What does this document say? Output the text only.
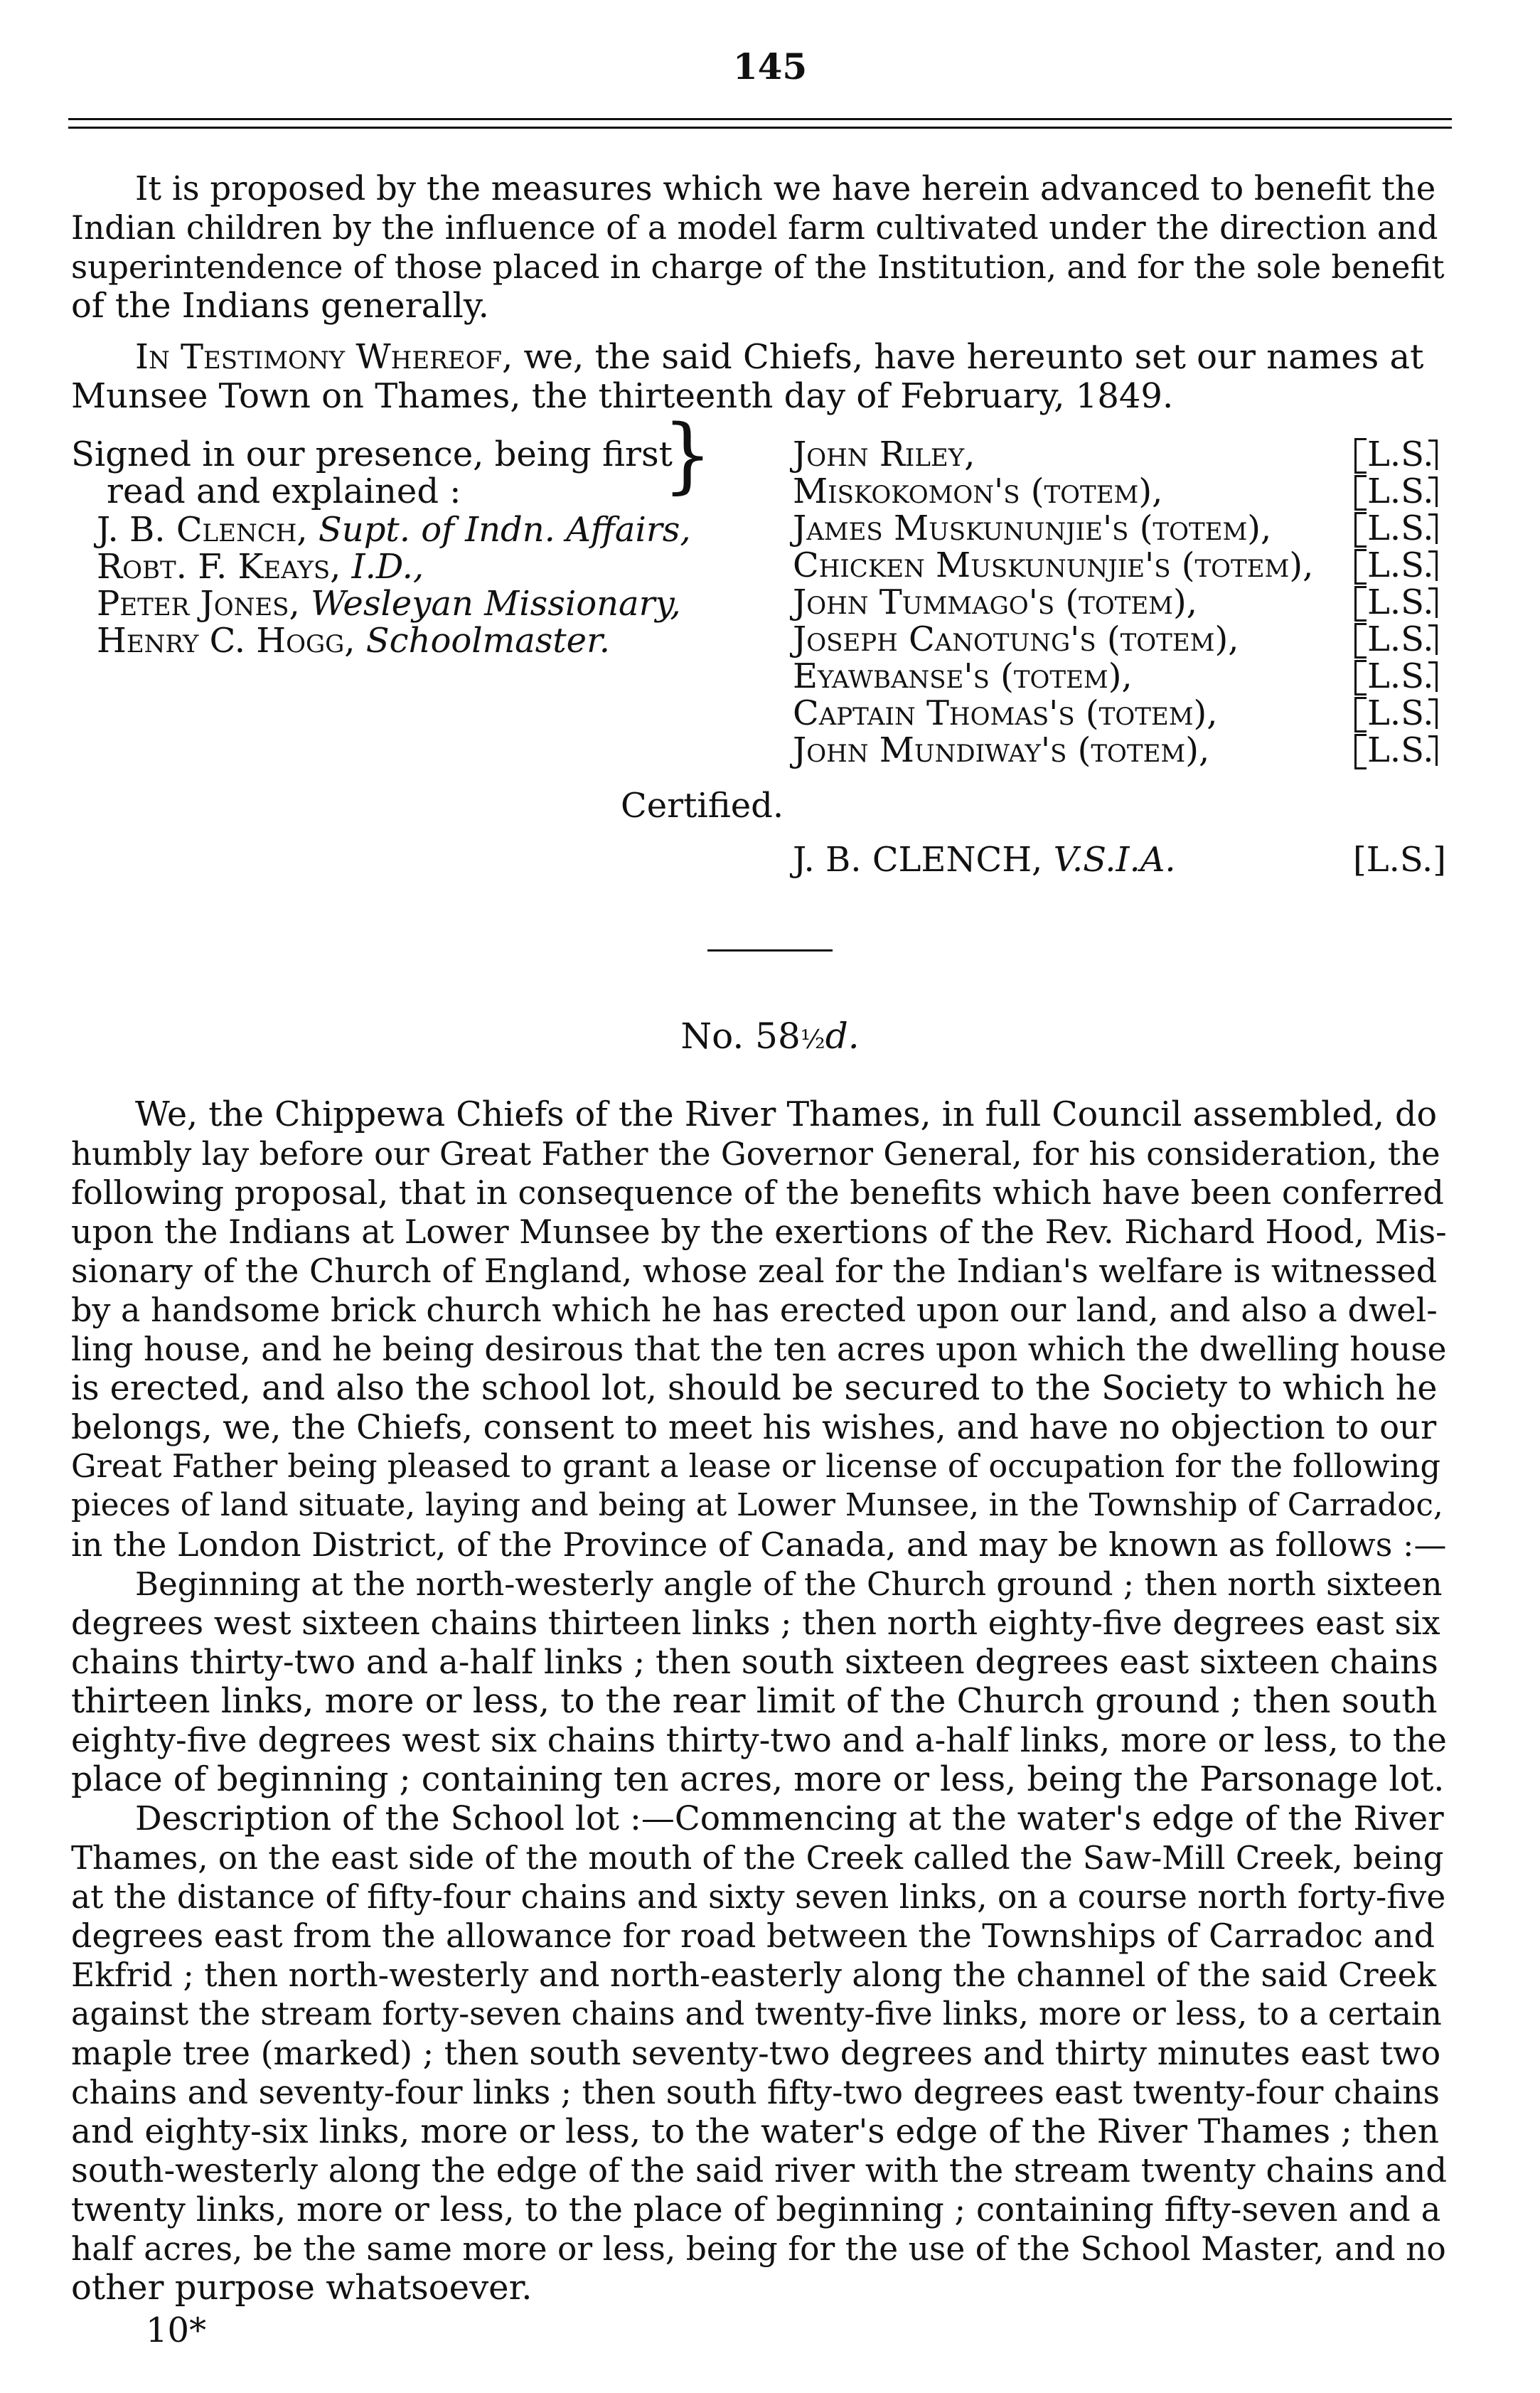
145
It is proposed by the measures which we have herein advanced to benefit the
Indian children by the influence of a model farm cultivated under the direction and
superintendence of those placed in charge of the Institution, and for the sole benefit
of the Indians generally.
In Testimony Whereof, we, the said Chiefs, have hereunto set our names at
Munsee Town on Thames, the thirteenth day of February, 1849.
Signed in our presence, being first
read and explained :	}
J. B. Clench, Supt. of Indn. Affairs,
Robt. F. Keays, I.D.,
Peter Jones, Wesleyan Missionary,
Henry C. Hogg, Schoolmaster.
John Riley,
Miskokomon's (totem),
James Muskununjie's (totem),
Chicken Muskununjie's (totem),
John Tummago's (totem),
Joseph Canotung's (totem),
Eyawbanse's (totem),
Captain Thomas's (totem),
John Mundiway's (totem),
L.S.
L.S.
L.S.
L.S.
L.S.
L.S.
L.S.
L.S.
L.S.
Certified.
J. B. CLENCH, V.S.I.A.	[L.S.]
No. 58½d.
We, the Chippewa Chiefs of the River Thames, in full Council assembled, do
humbly lay before our Great Father the Governor General, for his consideration, the
following proposal, that in consequence of the benefits which have been conferred
upon the Indians at Lower Munsee by the exertions of the Rev. Richard Hood, Mis-
sionary of the Church of England, whose zeal for the Indian's welfare is witnessed
by a handsome brick church which he has erected upon our land, and also a dwel-
ling house, and he being desirous that the ten acres upon which the dwelling house
is erected, and also the school lot, should be secured to the Society to which he
belongs, we, the Chiefs, consent to meet his wishes, and have no objection to our
Great Father being pleased to grant a lease or license of occupation for the following
pieces of land situate, laying and being at Lower Munsee, in the Township of Carradoc,
in the London District, of the Province of Canada, and may be known as follows :—
Beginning at the north-westerly angle of the Church ground ; then north sixteen
degrees west sixteen chains thirteen links ; then north eighty-five degrees east six
chains thirty-two and a-half links ; then south sixteen degrees east sixteen chains
thirteen links, more or less, to the rear limit of the Church ground ; then south
eighty-five degrees west six chains thirty-two and a-half links, more or less, to the
place of beginning ; containing ten acres, more or less, being the Parsonage lot.
Description of the School lot :—Commencing at the water's edge of the River
Thames, on the east side of the mouth of the Creek called the Saw-Mill Creek, being
at the distance of fifty-four chains and sixty seven links, on a course north forty-five
degrees east from the allowance for road between the Townships of Carradoc and
Ekfrid ; then north-westerly and north-easterly along the channel of the said Creek
against the stream forty-seven chains and twenty-five links, more or less, to a certain
maple tree (marked) ; then south seventy-two degrees and thirty minutes east two
chains and seventy-four links ; then south fifty-two degrees east twenty-four chains
and eighty-six links, more or less, to the water's edge of the River Thames ; then
south-westerly along the edge of the said river with the stream twenty chains and
twenty links, more or less, to the place of beginning ; containing fifty-seven and a
half acres, be the same more or less, being for the use of the School Master, and no
other purpose whatsoever.
10*
